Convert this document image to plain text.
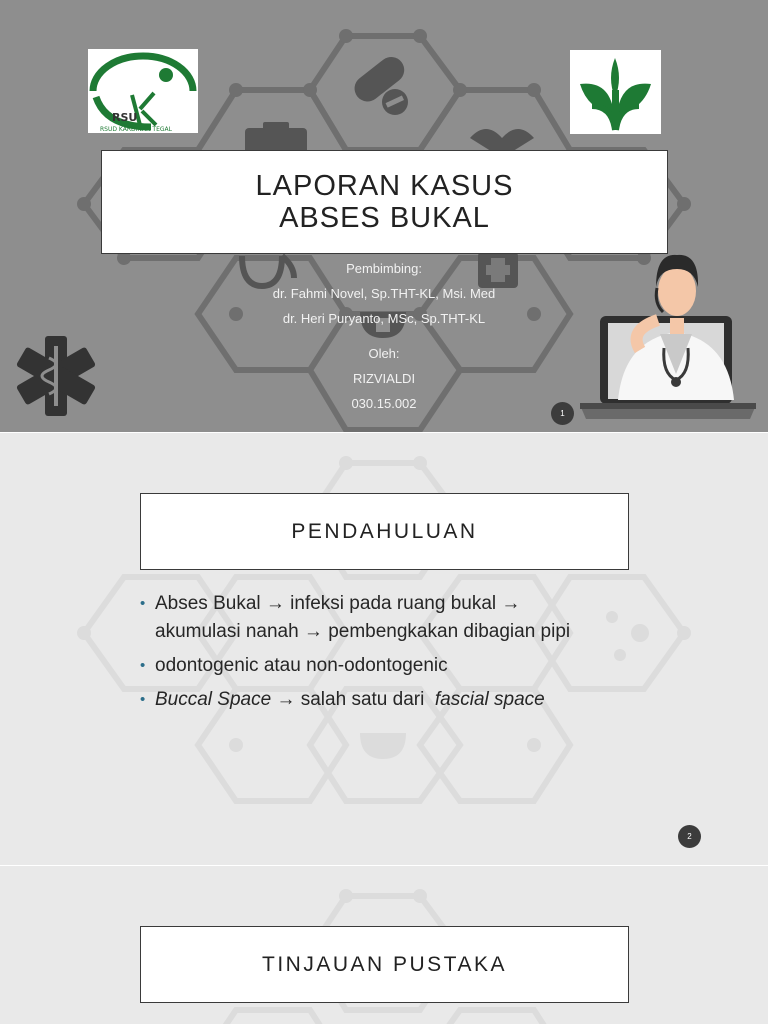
RSU
RSUD KARDINAH TEGAL
LAPORAN KASUS
ABSES BUKAL
Pembimbing:
dr. Fahmi Novel, Sp.THT-KL, Msi. Med
dr. Heri Puryanto, MSc, Sp.THT-KL
Oleh:
RIZVIALDI
030.15.002
1
PENDAHULUAN
• Abses Bukal → infeksi pada ruang bukal →
akumulasi nanah → pembengkakan dibagian pipi
• odontogenic atau non-odontogenic
• Buccal Space → salah satu dari  fascial space
2
TINJAUAN PUSTAKA
